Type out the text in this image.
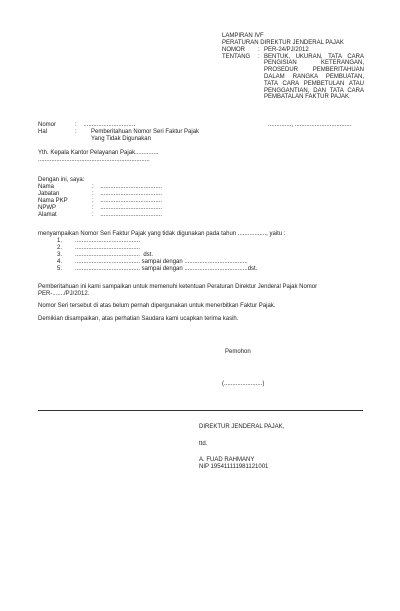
LAMPIRAN IVF
PERATURAN DIREKTUR JENDERAL PAJAK
NOMOR	: PER-24/PJ/2012
TENTANG	: BENTUK, UKURAN, TATA CARA PENGISIAN KETERANGAN, PROSEDUR PEMBERITAHUAN DALAM RANGKA PEMBUATAN, TATA CARA PEMBETULAN ATAU PENGGANTIAN, DAN TATA CARA PEMBATALAN FAKTUR PAJAK
.............., ..................................
Nomor	:    ...............................
Hal	: Pemberitahuan Nomor Seri Faktur Pajak
Yang Tidak Digunakan
Yth. Kepala Kantor Pelayanan Pajak..............
...................................................................
Dengan ini, saya:
Nama	:    .....................................
Jabatan	:    .....................................
Nama PKP	:    .....................................
NPWP	:    .....................................
Alamat	:    .....................................
menyampaikan Nomor Seri Faktur Pajak yang tidak digunakan pada tahun ................., yaitu :
1. .......................................
2. .......................................
3. .......................................  dst.
4. ....................................... sampai dengan ......................................
5. ....................................... sampai dengan ......................................dst.
Pemberitahuan ini kami sampaikan untuk memenuhi ketentuan Peraturan Direktur Jenderal Pajak Nomor
PER-......./PJ/2012.
Nomor Seri tersebut di atas belum pernah dipergunakan untuk menerbitkan Faktur Pajak.
Demikian disampaikan, atas perhatian Saudara kami ucapkan terima kasih.
Pemohon
(.......................)
DIREKTUR JENDERAL PAJAK,
ttd.
A. FUAD RAHMANY
NIP 195411111981121001
